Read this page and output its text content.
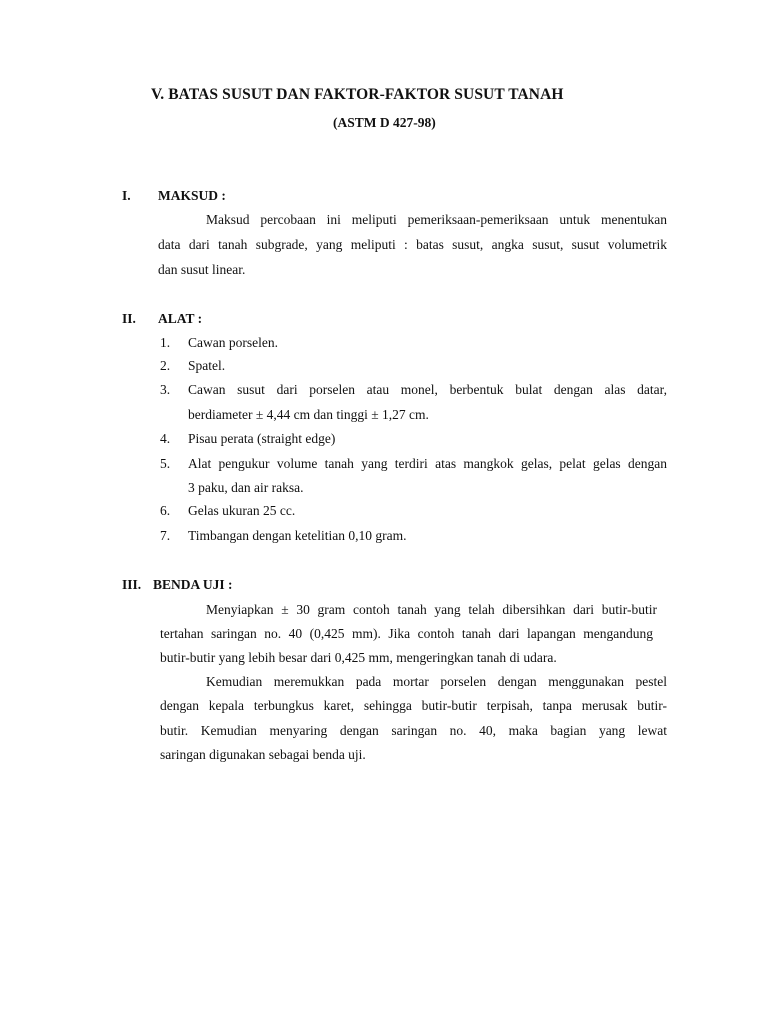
V. BATAS SUSUT DAN FAKTOR-FAKTOR SUSUT TANAH
(ASTM D 427-98)
I. MAKSUD :
Maksud percobaan ini meliputi pemeriksaan-pemeriksaan untuk menentukan
data dari tanah subgrade, yang meliputi : batas susut, angka susut, susut volumetrik
dan susut linear.
II. ALAT :
1. Cawan porselen.
2. Spatel.
3. Cawan susut dari porselen atau monel, berbentuk bulat dengan alas datar,
berdiameter ± 4,44 cm dan tinggi ± 1,27 cm.
4. Pisau perata (straight edge)
5. Alat pengukur volume tanah yang terdiri atas mangkok gelas, pelat gelas dengan
3 paku, dan air raksa.
6. Gelas ukuran 25 cc.
7. Timbangan dengan ketelitian 0,10 gram.
III. BENDA UJI :
Menyiapkan ± 30 gram contoh tanah yang telah dibersihkan dari butir-butir
tertahan saringan no. 40 (0,425 mm). Jika contoh tanah dari lapangan mengandung
butir-butir yang lebih besar dari 0,425 mm, mengeringkan tanah di udara.
Kemudian meremukkan pada mortar porselen dengan menggunakan pestel
dengan kepala terbungkus karet, sehingga butir-butir terpisah, tanpa merusak butir-
butir. Kemudian menyaring dengan saringan no. 40, maka bagian yang lewat
saringan digunakan sebagai benda uji.
